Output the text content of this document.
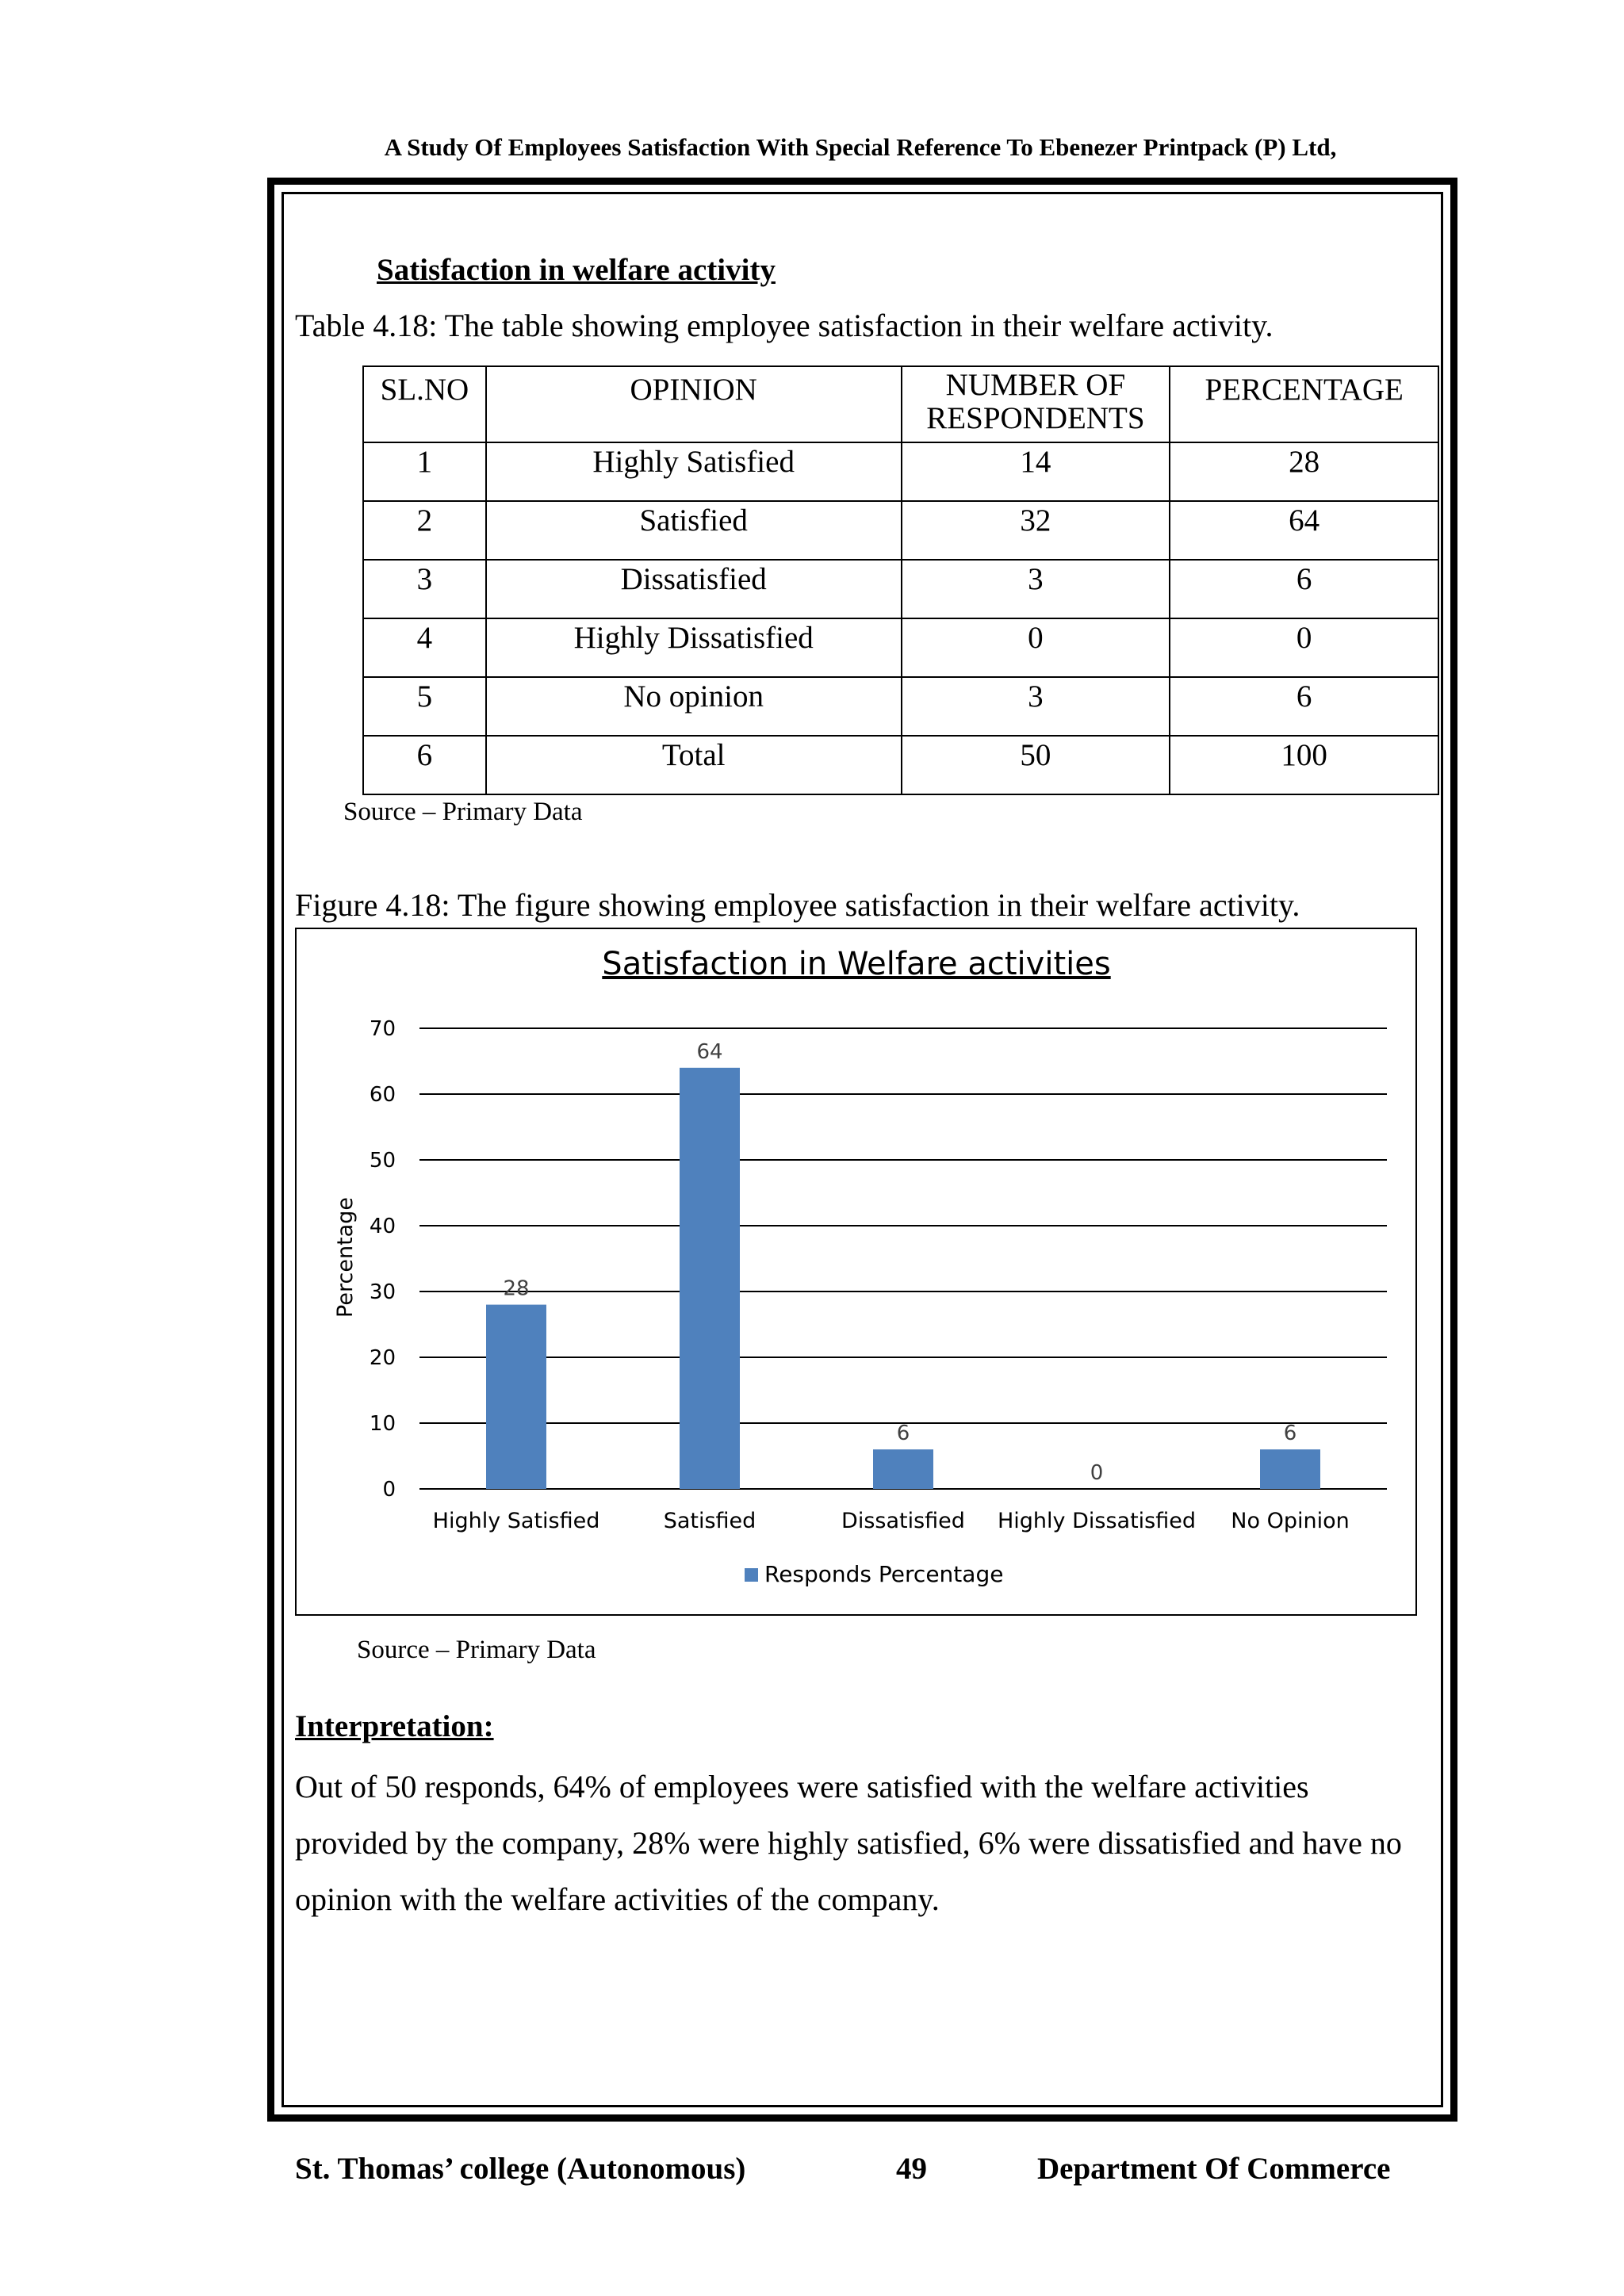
A Study Of Employees Satisfaction With Special Reference To Ebenezer Printpack (P) Ltd,
Satisfaction in welfare activity
Table 4.18: The table showing employee satisfaction in their welfare activity.
SL.NO	OPINION	NUMBER OF RESPONDENTS	PERCENTAGE
1	Highly Satisfied	14	28
2	Satisfied	32	64
3	Dissatisfied	3	6
4	Highly Dissatisfied	0	0
5	No opinion	3	6
6	Total	50	100
Source – Primary Data
Figure 4.18: The figure showing employee satisfaction in their welfare activity.
0
10
20
30
40
50
60
70
28
64
6
0
6
Highly Satisfied	Satisfied	Dissatisfied Highly Dissatisfied No Opinion
Satisfaction in Welfare activities
Percentage
Responds Percentage
Source – Primary Data
Interpretation:
Out of 50 responds, 64% of employees were satisfied with the welfare activities provided by the company, 28% were highly satisfied, 6% were dissatisfied and have no opinion with the welfare activities of the company.
St. Thomas’ college (Autonomous)	49	Department Of Commerce
